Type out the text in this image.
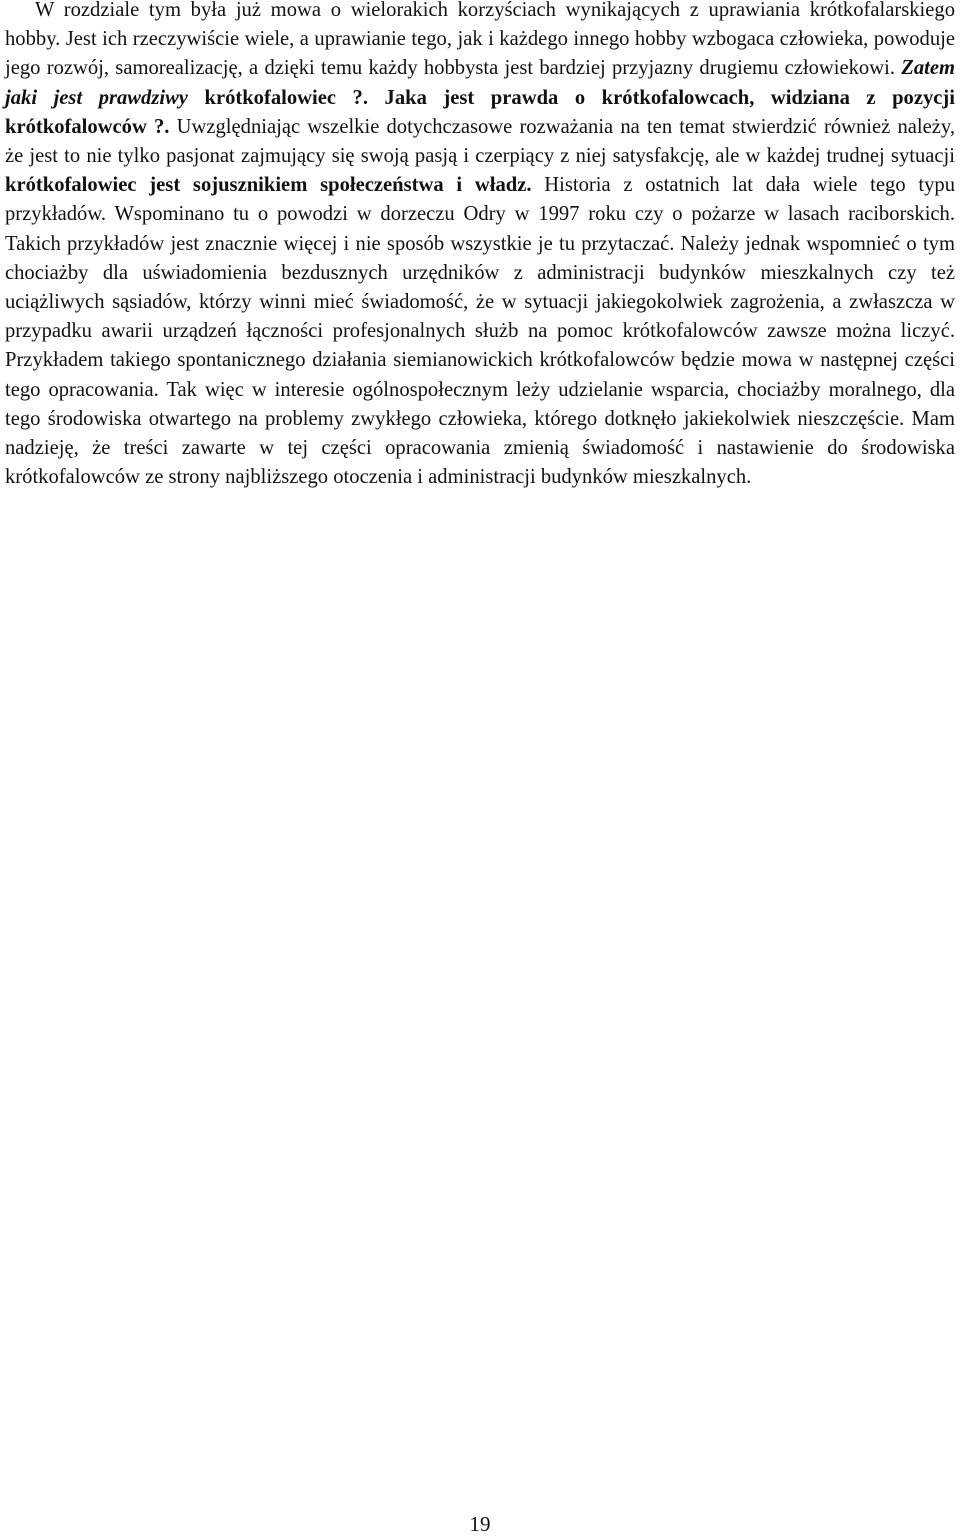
W rozdziale tym była już mowa o wielorakich korzyściach wynikających z uprawiania krótkofalarskiego hobby. Jest ich rzeczywiście wiele, a uprawianie tego, jak i każdego innego hobby wzbogaca człowieka, powoduje jego rozwój, samorealizację, a dzięki temu każdy hobbysta jest bardziej przyjazny drugiemu człowiekowi. Zatem jaki jest prawdziwy krótkofalowiec ?. Jaka jest prawda o krótkofalowcach, widziana z pozycji krótkofalowców ?. Uwzględniając wszelkie dotychczasowe rozważania na ten temat stwierdzić również należy, że jest to nie tylko pasjonat zajmujący się swoją pasją i czerpiący z niej satysfakcję, ale w każdej trudnej sytuacji krótkofalowiec jest sojusznikiem społeczeństwa i władz. Historia z ostatnich lat dała wiele tego typu przykładów. Wspominano tu o powodzi w dorzeczu Odry w 1997 roku czy o pożarze w lasach raciborskich. Takich przykładów jest znacznie więcej i nie sposób wszystkie je tu przytaczać. Należy jednak wspomnieć o tym chociażby dla uświadomienia bezdusznych urzędników z administracji budynków mieszkalnych czy też uciążliwych sąsiadów, którzy winni mieć świadomość, że w sytuacji jakiegokolwiek zagrożenia, a zwłaszcza w przypadku awarii urządzeń łączności profesjonalnych służb na pomoc krótkofalowców zawsze można liczyć. Przykładem takiego spontanicznego działania siemianowickich krótkofalowców będzie mowa w następnej części tego opracowania. Tak więc w interesie ogólnospołecznym leży udzielanie wsparcia, chociażby moralnego, dla tego środowiska otwartego na problemy zwykłego człowieka, którego dotknęło jakiekolwiek nieszczęście. Mam nadzieję, że treści zawarte w tej części opracowania zmienią świadomość i nastawienie do środowiska krótkofalowców ze strony najbliższego otoczenia i administracji budynków mieszkalnych.

19
